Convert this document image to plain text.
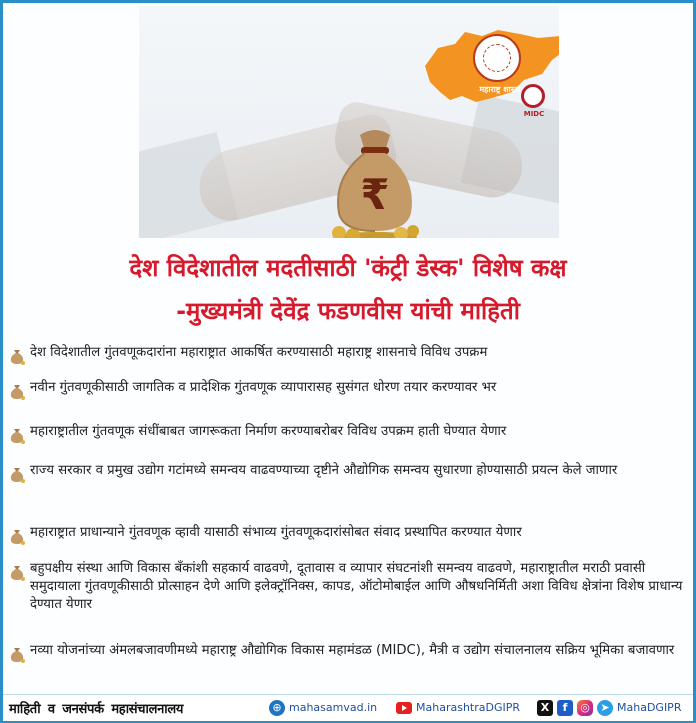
₹
महाराष्ट्र शासन
MIDC
देश विदेशातील मदतीसाठी 'कंट्री डेस्क' विशेष कक्ष
-मुख्यमंत्री देवेंद्र फडणवीस यांची माहिती
देश विदेशातील गुंतवणूकदारांना महाराष्ट्रात आकर्षित करण्यासाठी महाराष्ट्र शासनाचे विविध उपक्रम
नवीन गुंतवणूकीसाठी जागतिक व प्रादेशिक गुंतवणूक व्यापारासह सुसंगत धोरण तयार करण्यावर भर
महाराष्ट्रातील गुंतवणूक संधींबाबत जागरूकता निर्माण करण्याबरोबर विविध उपक्रम हाती घेण्यात येणार
राज्य सरकार व प्रमुख उद्योग गटांमध्ये समन्वय वाढवण्याच्या दृष्टीने औद्योगिक समन्वय सुधारणा होण्यासाठी प्रयत्न केले जाणार
महाराष्ट्रात प्राधान्याने गुंतवणूक व्हावी यासाठी संभाव्य गुंतवणूकदारांसोबत संवाद प्रस्थापित करण्यात येणार
बहुपक्षीय संस्था आणि विकास बँकांशी सहकार्य वाढवणे, दूतावास व व्यापार संघटनांशी समन्वय वाढवणे, महाराष्ट्रातील मराठी प्रवासी समुदायाला गुंतवणूकीसाठी प्रोत्साहन देणे आणि इलेक्ट्रॉनिक्स, कापड, ऑटोमोबाईल आणि औषधनिर्मिती अशा विविध क्षेत्रांना विशेष प्राधान्य देण्यात येणार
नव्या योजनांच्या अंमलबजावणीमध्ये महाराष्ट्र औद्योगिक विकास महामंडळ (MIDC), मैत्री व उद्योग संचालनालय सक्रिय भूमिका बजावणार
माहिती व जनसंपर्क महासंचालनालय	⊕ mahasamvad.in	MaharashtraDGIPR	X	f	◎ ➤ MahaDGIPR
